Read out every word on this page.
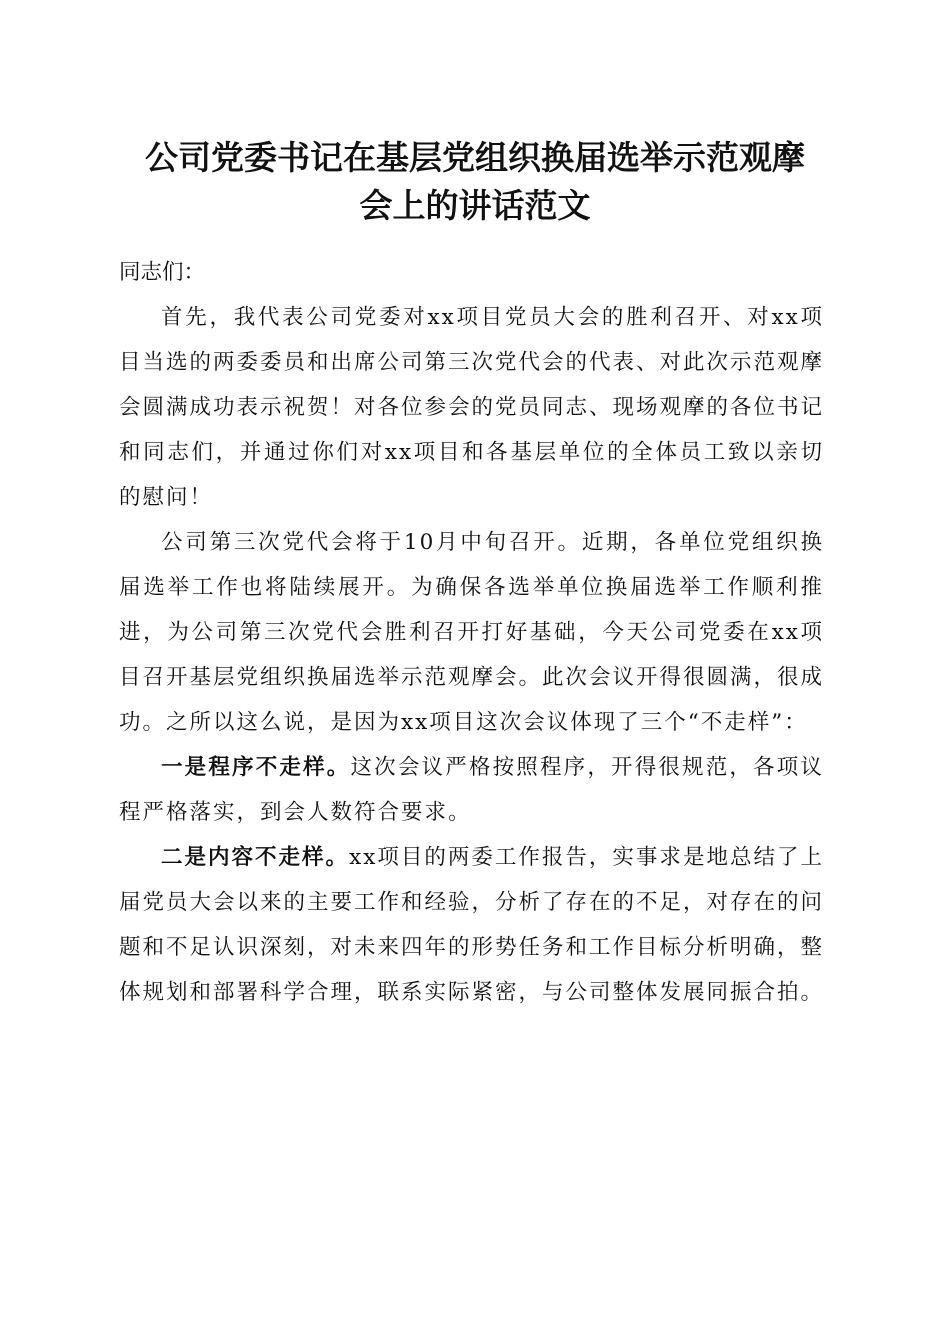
公司党委书记在基层党组织换届选举示范观摩
会上的讲话范文

同志们：

首先，我代表公司党委对xx项目党员大会的胜利召开、对xx项目当选的两委委员和出席公司第三次党代会的代表、对此次示范观摩会圆满成功表示祝贺！对各位参会的党员同志、现场观摩的各位书记和同志们，并通过你们对xx项目和各基层单位的全体员工致以亲切的慰问！

公司第三次党代会将于10月中旬召开。近期，各单位党组织换届选举工作也将陆续展开。为确保各选举单位换届选举工作顺利推进，为公司第三次党代会胜利召开打好基础，今天公司党委在xx项目召开基层党组织换届选举示范观摩会。此次会议开得很圆满，很成功。之所以这么说，是因为xx项目这次会议体现了三个“不走样”：

一是程序不走样。这次会议严格按照程序，开得很规范，各项议程严格落实，到会人数符合要求。

二是内容不走样。xx项目的两委工作报告，实事求是地总结了上届党员大会以来的主要工作和经验，分析了存在的不足，对存在的问题和不足认识深刻，对未来四年的形势任务和工作目标分析明确，整体规划和部署科学合理，联系实际紧密，与公司整体发展同振合拍。
